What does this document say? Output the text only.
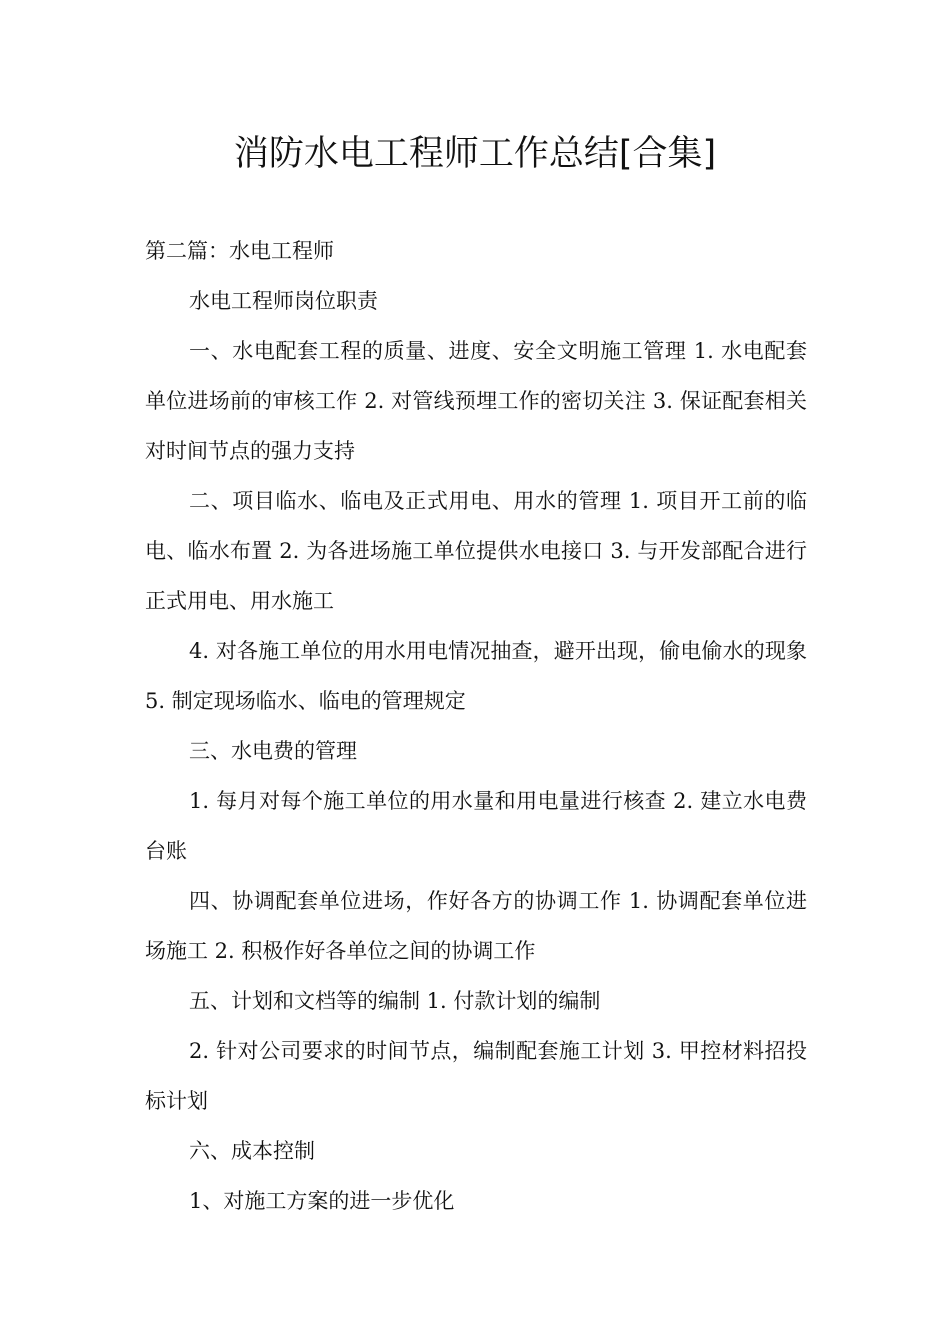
消防水电工程师工作总结[合集]

第二篇：水电工程师

水电工程师岗位职责

一、水电配套工程的质量、进度、安全文明施工管理 1. 水电配套单位进场前的审核工作 2. 对管线预埋工作的密切关注 3. 保证配套相关对时间节点的强力支持

二、项目临水、临电及正式用电、用水的管理 1. 项目开工前的临电、临水布置 2. 为各进场施工单位提供水电接口 3. 与开发部配合进行正式用电、用水施工

4. 对各施工单位的用水用电情况抽查，避开出现，偷电偷水的现象 5. 制定现场临水、临电的管理规定

三、水电费的管理

1. 每月对每个施工单位的用水量和用电量进行核查 2. 建立水电费台账

四、协调配套单位进场，作好各方的协调工作 1. 协调配套单位进场施工 2. 积极作好各单位之间的协调工作

五、计划和文档等的编制 1. 付款计划的编制

2. 针对公司要求的时间节点，编制配套施工计划 3. 甲控材料招投标计划

六、成本控制

1、对施工方案的进一步优化
